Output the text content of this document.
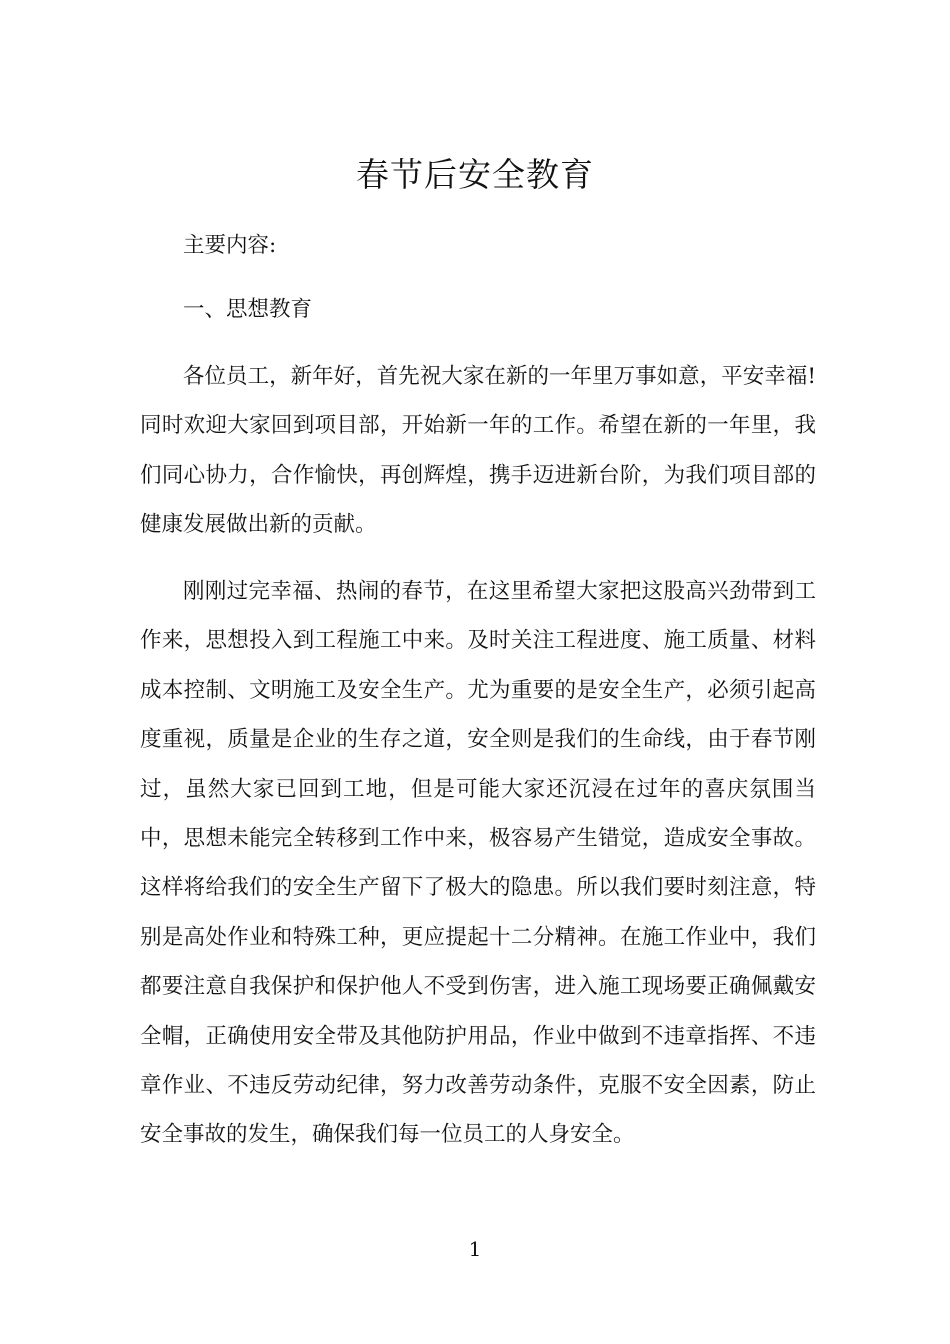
春节后安全教育

主要内容:

一、思想教育

各位员工，新年好，首先祝大家在新的一年里万事如意，平安幸福!同时欢迎大家回到项目部，开始新一年的工作。希望在新的一年里，我们同心协力，合作愉快，再创辉煌，携手迈进新台阶，为我们项目部的健康发展做出新的贡献。

刚刚过完幸福、热闹的春节，在这里希望大家把这股高兴劲带到工作来，思想投入到工程施工中来。及时关注工程进度、施工质量、材料成本控制、文明施工及安全生产。尤为重要的是安全生产，必须引起高度重视，质量是企业的生存之道，安全则是我们的生命线，由于春节刚过，虽然大家已回到工地，但是可能大家还沉浸在过年的喜庆氛围当中，思想未能完全转移到工作中来，极容易产生错觉，造成安全事故。这样将给我们的安全生产留下了极大的隐患。所以我们要时刻注意，特别是高处作业和特殊工种，更应提起十二分精神。在施工作业中，我们都要注意自我保护和保护他人不受到伤害，进入施工现场要正确佩戴安全帽，正确使用安全带及其他防护用品，作业中做到不违章指挥、不违章作业、不违反劳动纪律，努力改善劳动条件，克服不安全因素，防止安全事故的发生，确保我们每一位员工的人身安全。

1
